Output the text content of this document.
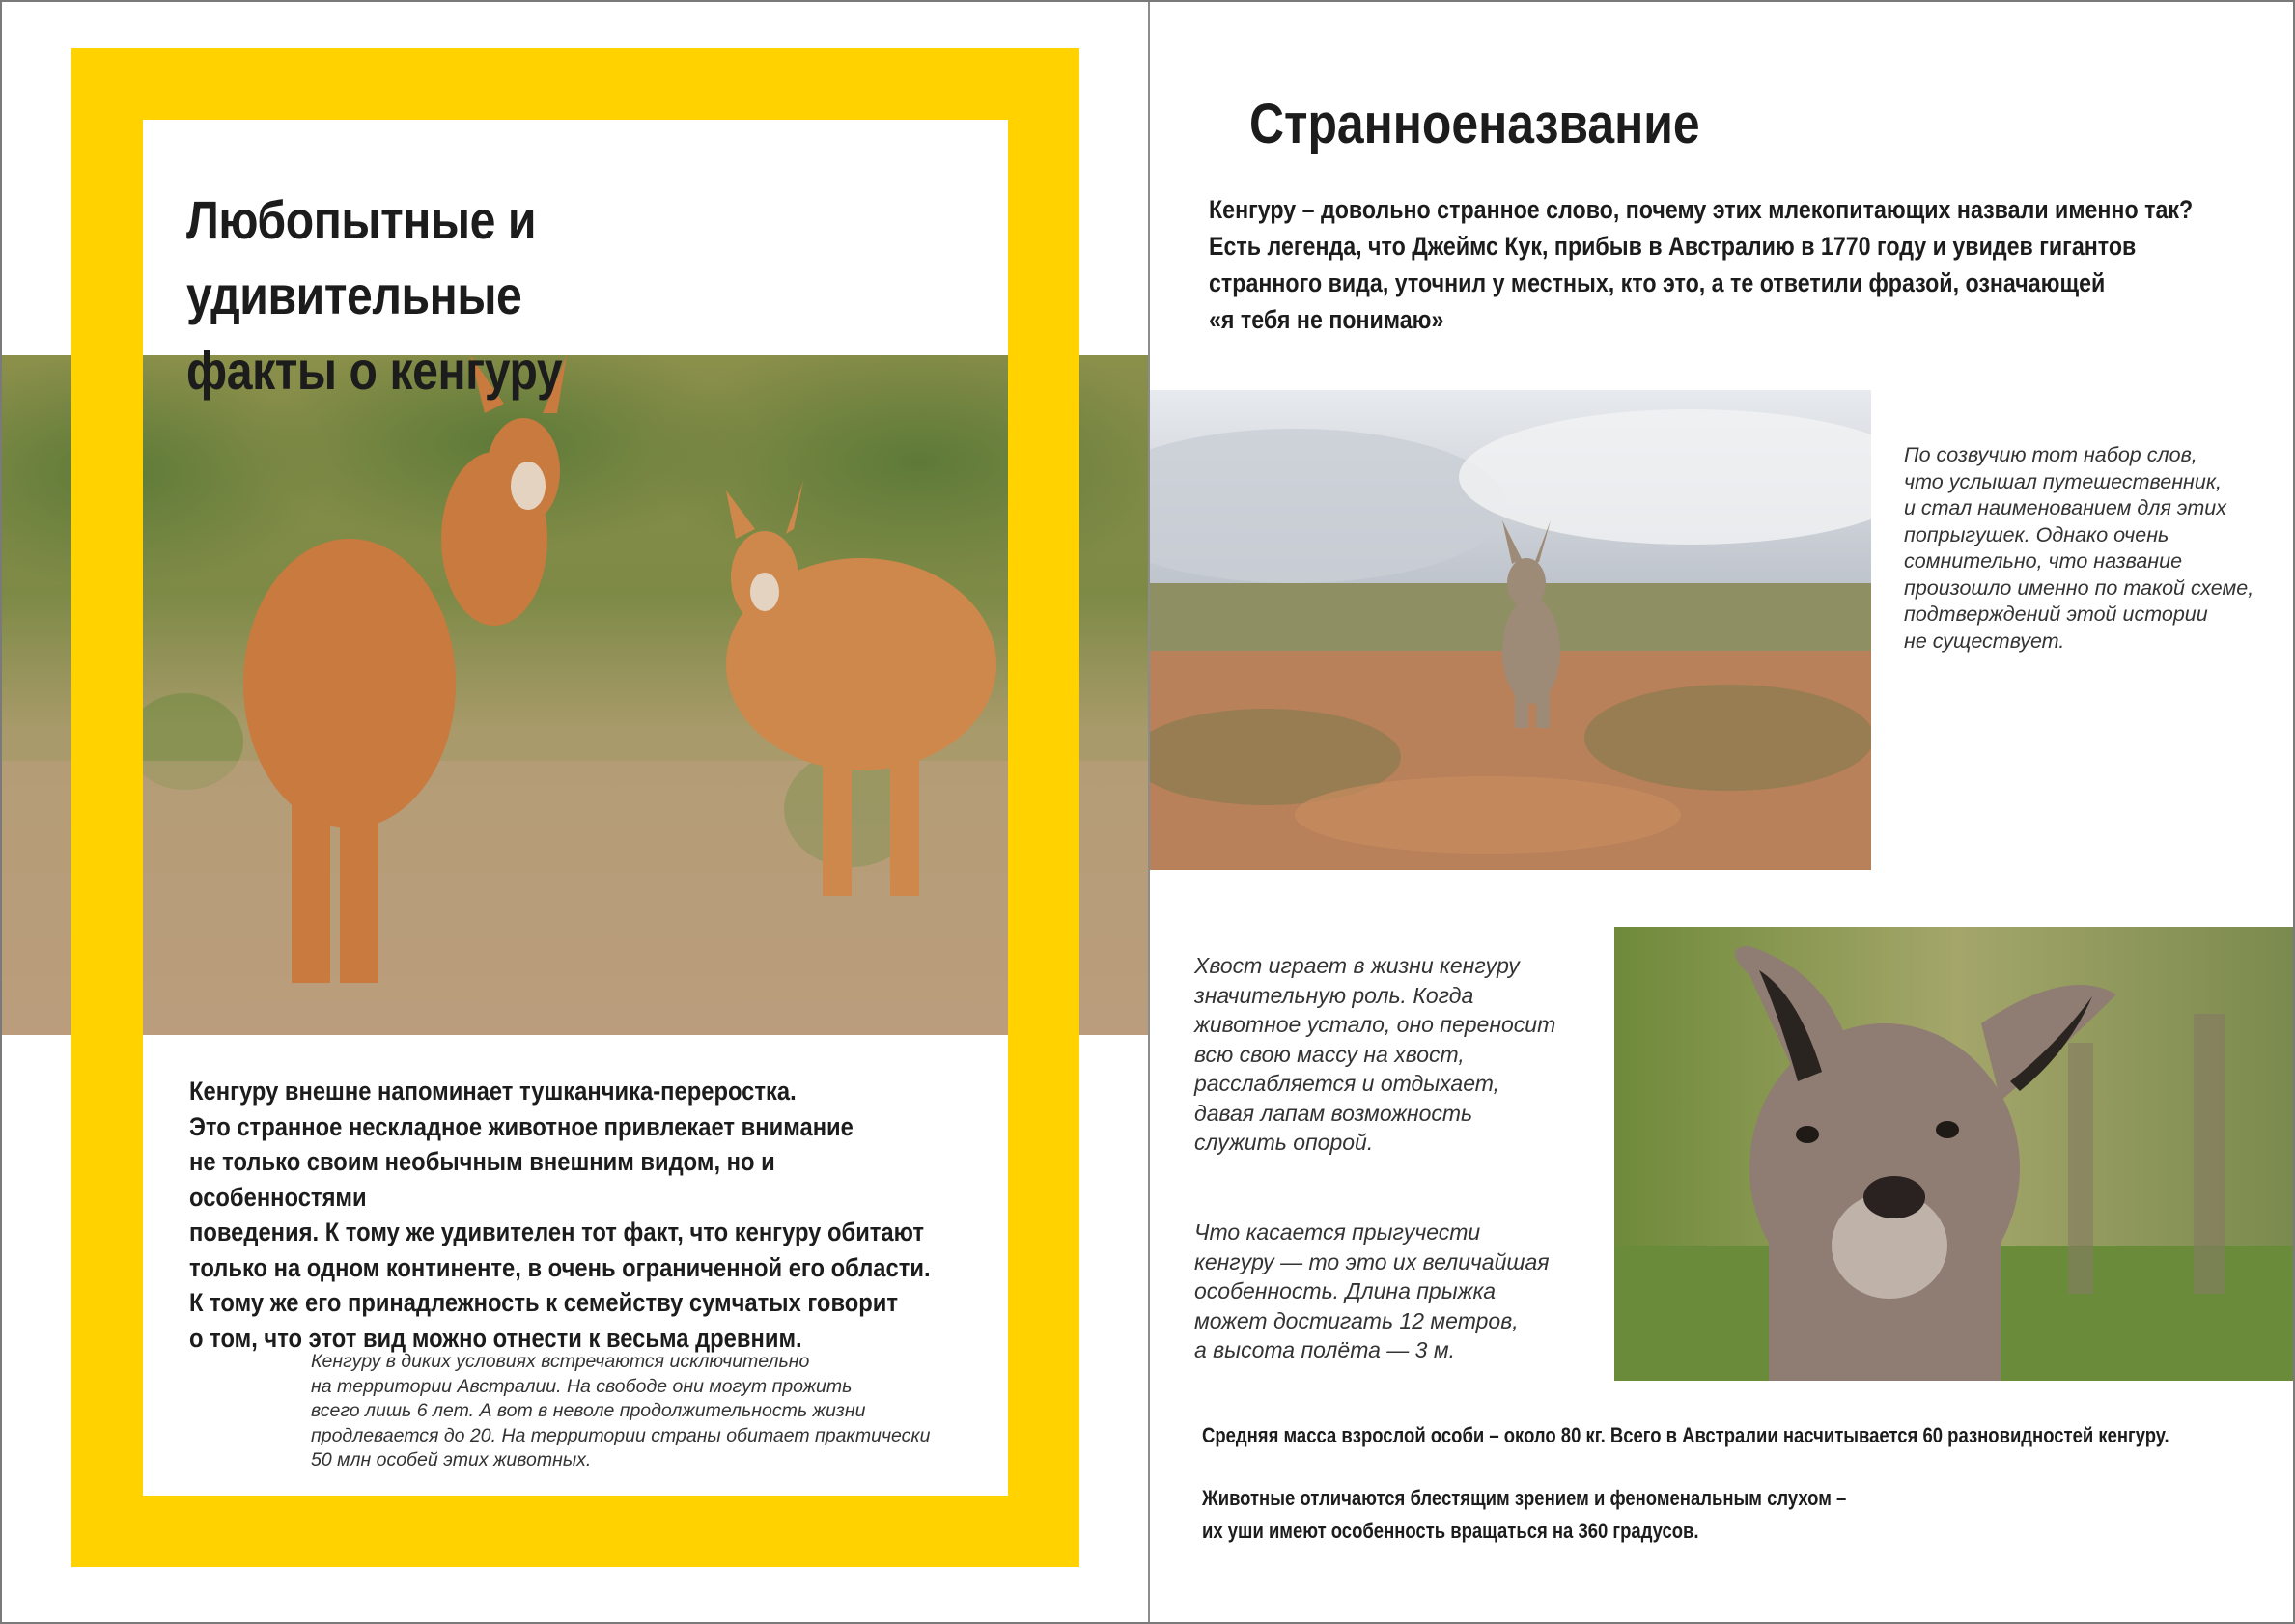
Любопытные и удивительные
факты о кенгуру

Кенгуру внешне напоминает тушканчика-переростка.
Это странное нескладное животное привлекает внимание
не только своим необычным внешним видом, но и особенностями
поведения. К тому же удивителен тот факт, что кенгуру обитают
только на одном континенте, в очень ограниченной его области.
К тому же его принадлежность к семейству сумчатых говорит
о том, что этот вид можно отнести к весьма древним.

Кенгуру в диких условиях встречаются исключительно
на территории Австралии. На свободе они могут прожить
всего лишь 6 лет. А вот в неволе продолжительность жизни
продлевается до 20. На территории страны обитает практически
50 млн особей этих животных.

Странноеназвание

Кенгуру – довольно странное слово, почему этих млекопитающих назвали именно так?
Есть легенда, что Джеймс Кук, прибыв в Австралию в 1770 году и увидев гигантов
странного вида, уточнил у местных, кто это, а те ответили фразой, означающей
«я тебя не понимаю»

По созвучию тот набор слов,
что услышал путешественник,
и стал наименованием для этих
попрыгушек. Однако очень
сомнительно, что название
произошло именно по такой схеме,
подтверждений этой истории
не существует.

Хвост играет в жизни кенгуру
значительную роль. Когда
животное устало, оно переносит
всю свою массу на хвост,
расслабляется и отдыхает,
давая лапам возможность
служить опорой.

Что касается прыгучести
кенгуру — то это их величайшая
особенность. Длина прыжка
может достигать 12 метров,
а высота полёта — 3 м.

Средняя масса взрослой особи – около 80 кг. Всего в Австралии насчитывается 60 разновидностей кенгуру.

Животные отличаются блестящим зрением и феноменальным слухом –
их уши имеют особенность вращаться на 360 градусов.
